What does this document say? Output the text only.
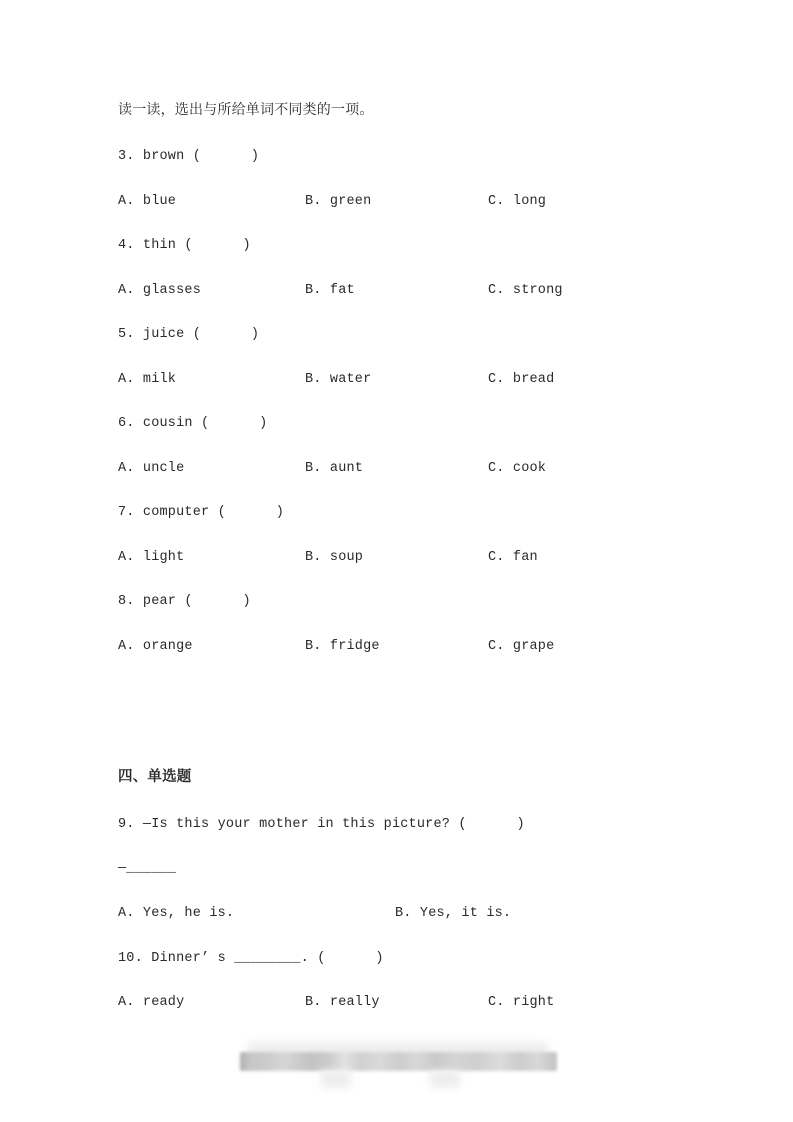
读一读，选出与所给单词不同类的一项。
3. brown (      )
A. blue	B. green	C. long
4. thin (      )
A. glasses	B. fat	C. strong
5. juice (      )
A. milk	B. water	C. bread
6. cousin (      )
A. uncle	B. aunt	C. cook
7. computer (      )
A. light	B. soup	C. fan
8. pear (      )
A. orange	B. fridge	C. grape
四、单选题
9. —Is this your mother in this picture? (      )
—______
A. Yes, he is.	B. Yes, it is.
10. Dinner’ s ________. (      )
A. ready	B. really	C. right
